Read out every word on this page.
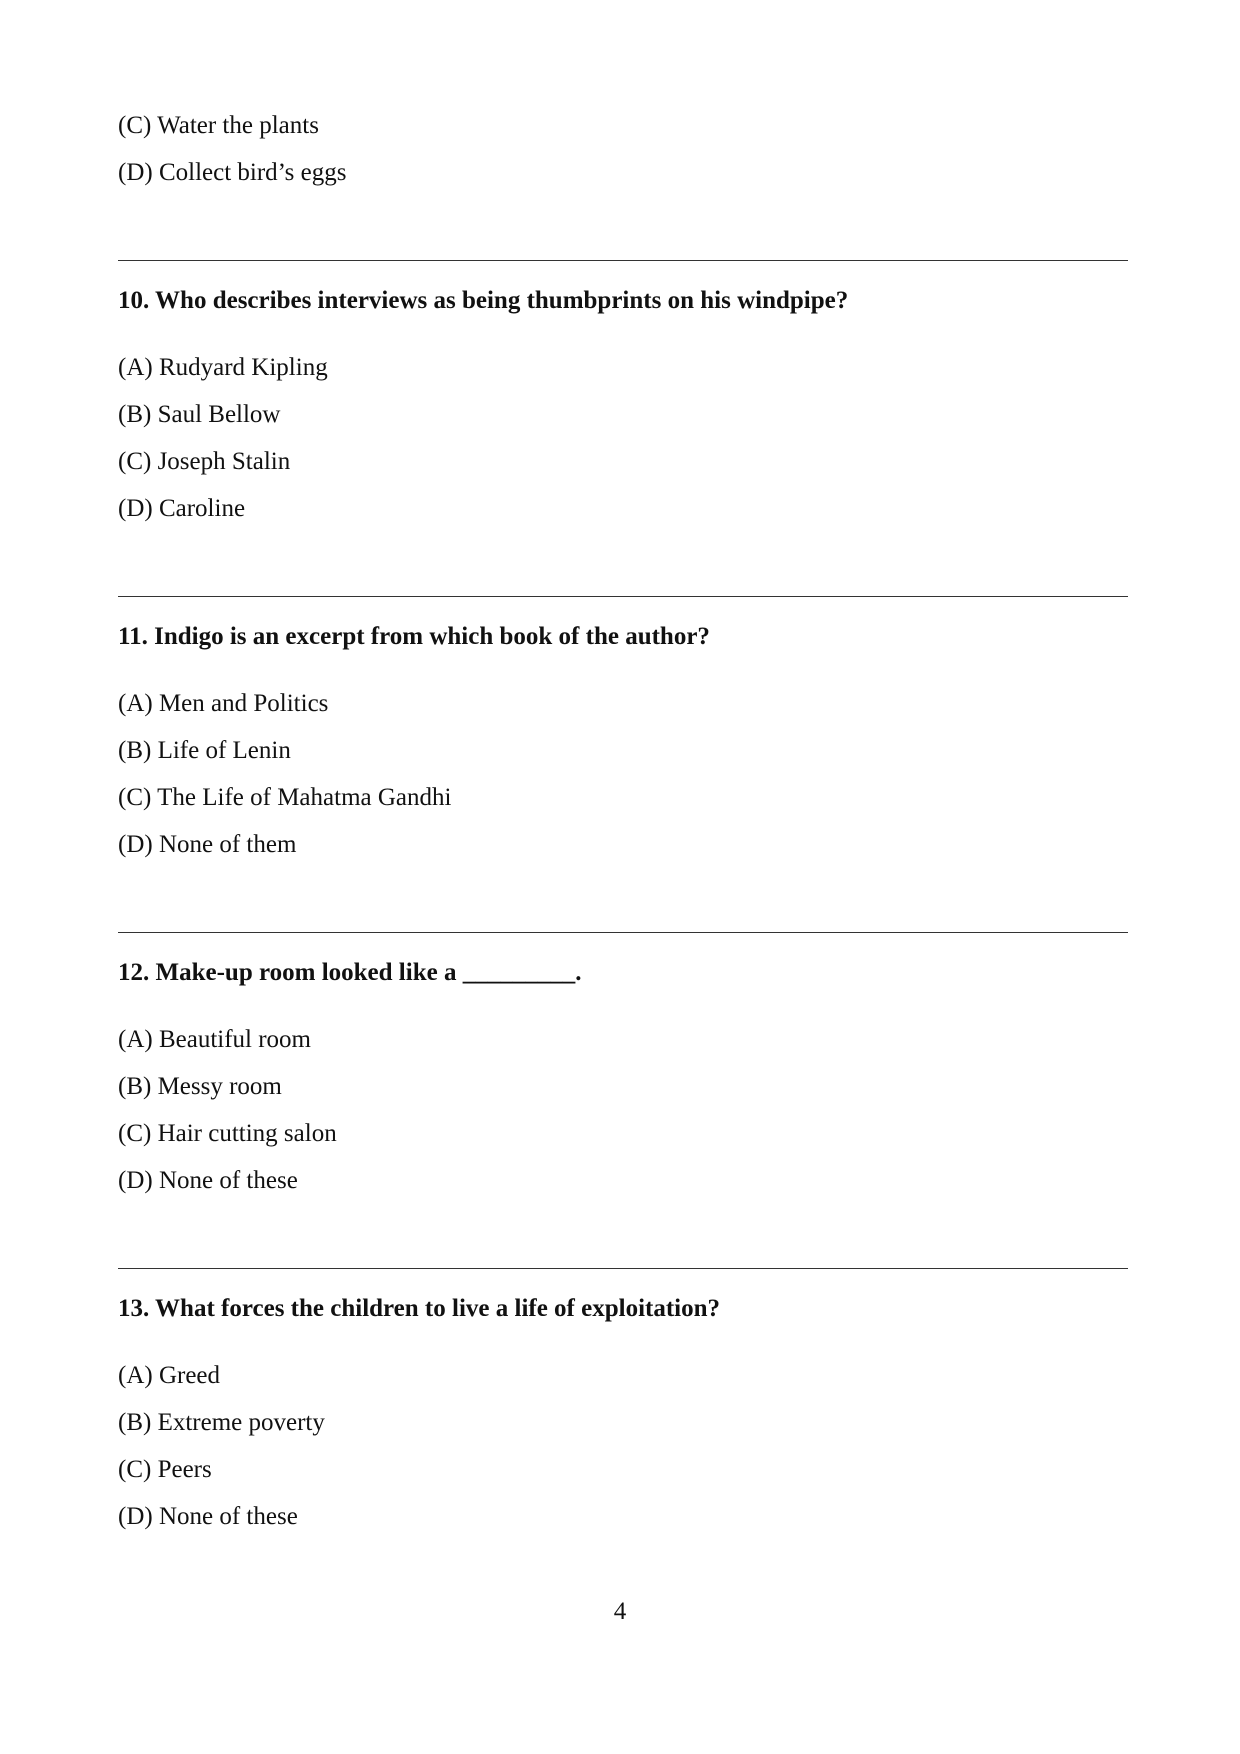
(C) Water the plants
(D) Collect bird’s eggs
10. Who describes interviews as being thumbprints on his windpipe?
(A) Rudyard Kipling
(B) Saul Bellow
(C) Joseph Stalin
(D) Caroline
11. Indigo is an excerpt from which book of the author?
(A) Men and Politics
(B) Life of Lenin
(C) The Life of Mahatma Gandhi
(D) None of them
12. Make-up room looked like a _________.
(A) Beautiful room
(B) Messy room
(C) Hair cutting salon
(D) None of these
13. What forces the children to live a life of exploitation?
(A) Greed
(B) Extreme poverty
(C) Peers
(D) None of these
4
